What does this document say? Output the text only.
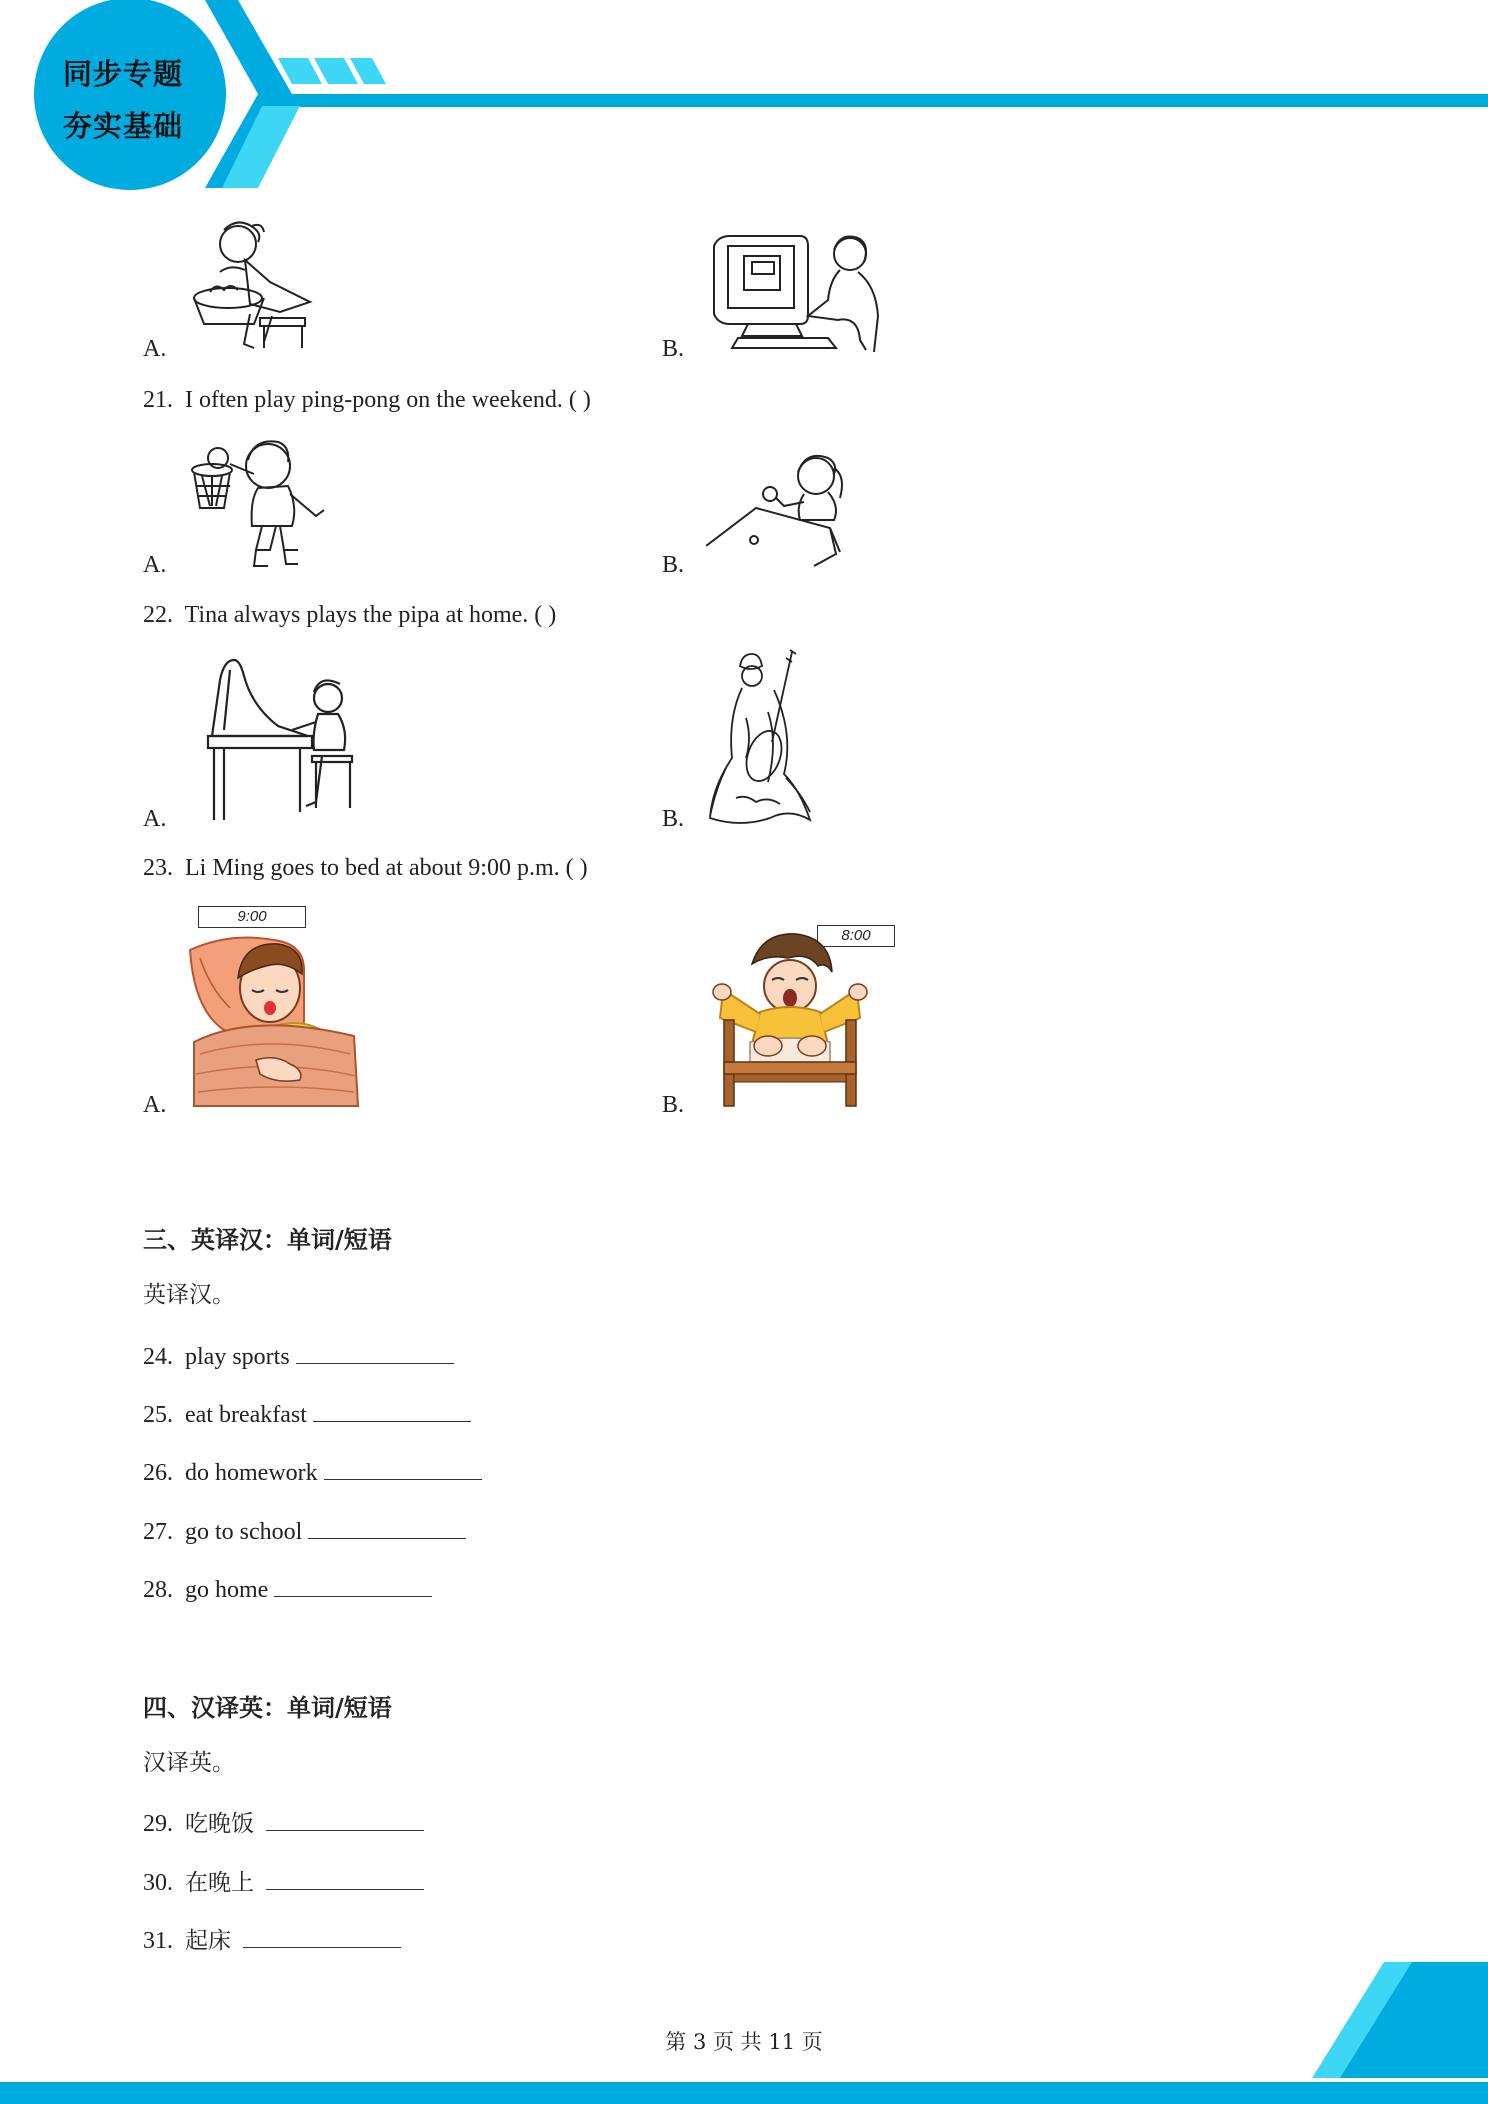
同步专题
夯实基础
A.	B.
21. I often play ping-pong on the weekend. ( )
A.	B.
22. Tina always plays the pipa at home. ( )
A.	B.
23. Li Ming goes to bed at about 9:00 p.m. ( )
9:00
A.
8:00
B.
三、英译汉：单词/短语
英译汉。
24. play sports
25. eat breakfast
26. do homework
27. go to school
28. go home
四、汉译英：单词/短语
汉译英。
29. 吃晚饭
30. 在晚上
31. 起床
第 3 页 共 11 页
